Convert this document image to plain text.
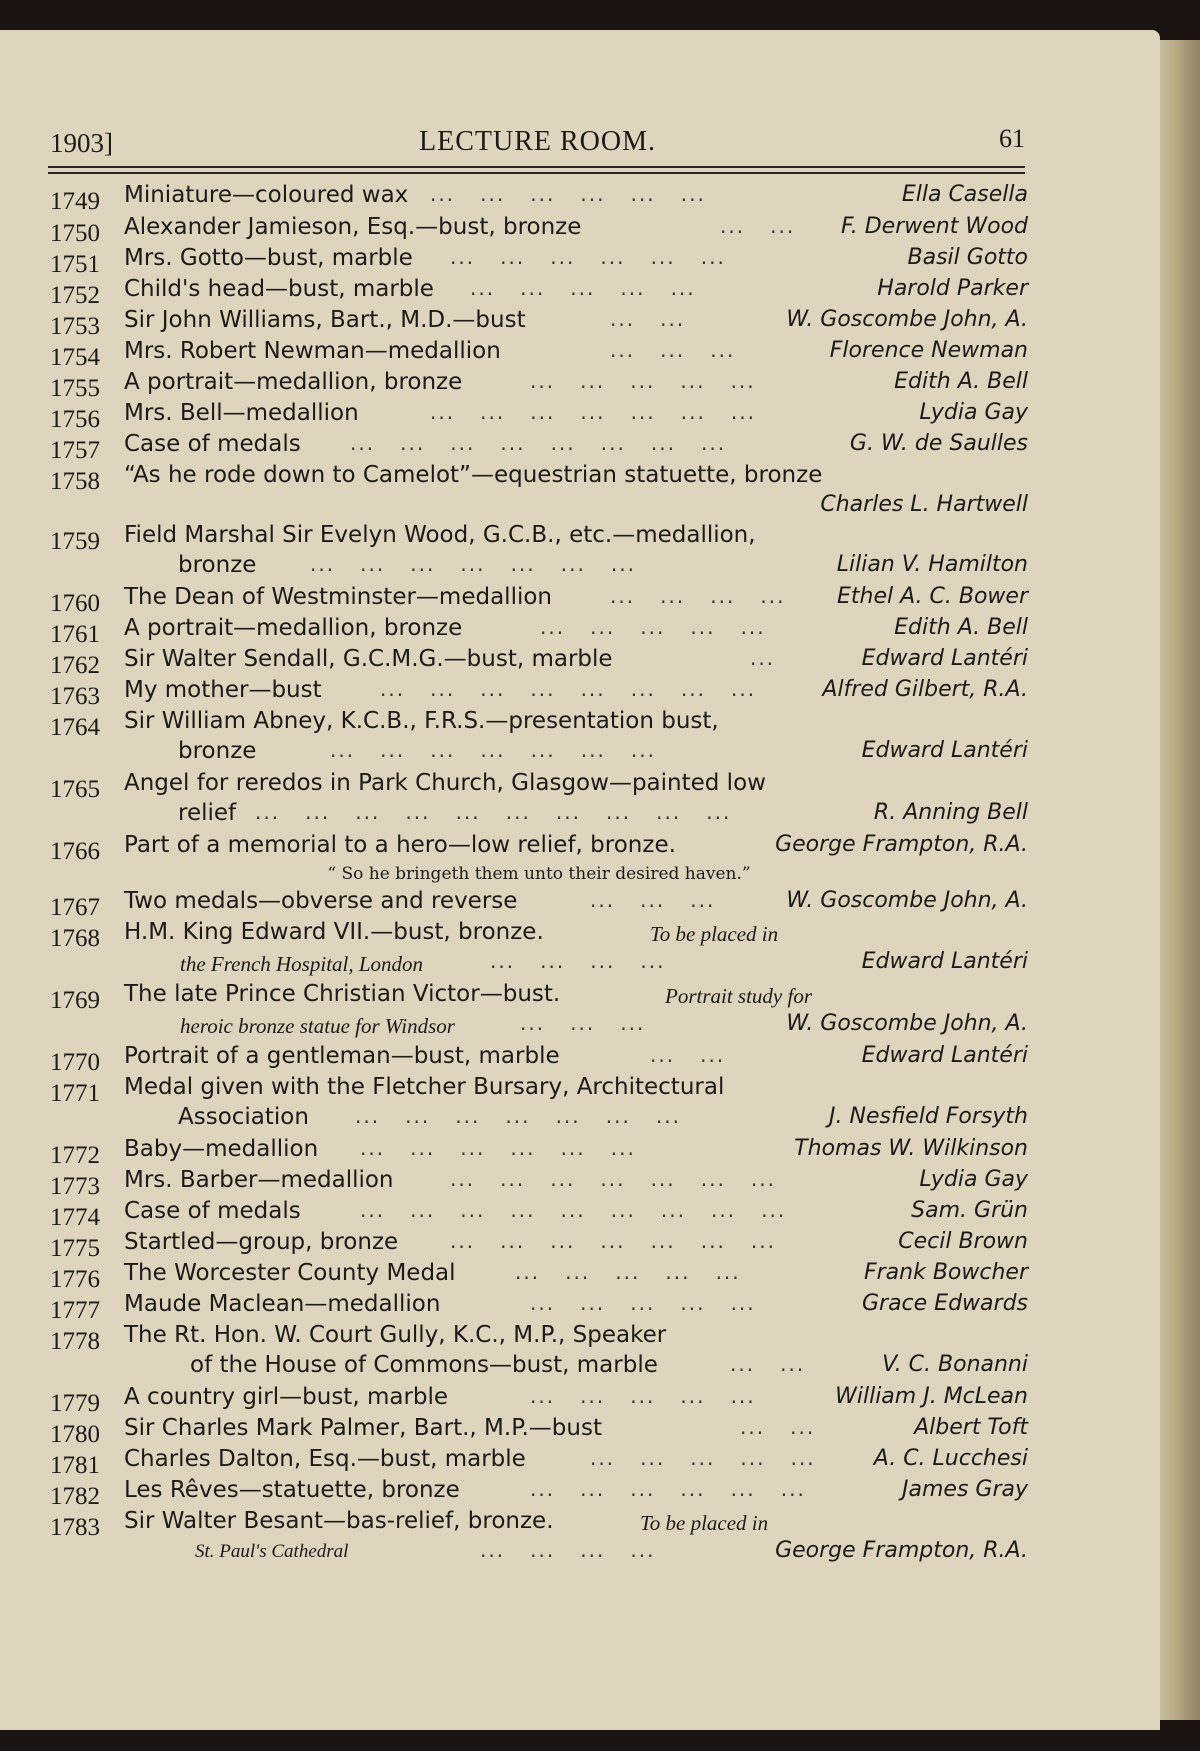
1903]	LECTURE ROOM.	61
1749	Miniature—coloured wax ...   ...   ...   ...   ...   ...	Ella Casella
1750	Alexander Jamieson, Esq.—bust, bronze	...   ... F. Derwent Wood
1751	Mrs. Gotto—bust, marble ...   ...   ...   ...   ...   ...	Basil Gotto
1752	Child's head—bust, marble ...   ...   ...   ...   ...	Harold Parker
1753	Sir John Williams, Bart., M.D.—bust	...   ...	W. Goscombe John, A.
1754	Mrs. Robert Newman—medallion	...   ...   ...	Florence Newman
1755	A portrait—medallion, bronze	...   ...   ...   ...   ...	Edith A. Bell
1756	Mrs. Bell—medallion	...   ...   ...   ...   ...   ...   ...	Lydia Gay
1757	Case of medals ...   ...   ...   ...   ...   ...   ...   ...	G. W. de Saulles
1758	“As he rode down to Camelot”—equestrian statuette, bronze
Charles L. Hartwell
1759	Field Marshal Sir Evelyn Wood, G.C.B., etc.—medallion,
bronze	...   ...   ...   ...   ...   ...   ...	Lilian V. Hamilton
1760	The Dean of Westminster—medallion	...   ...   ...   ... Ethel A. C. Bower
1761	A portrait—medallion, bronze	...   ...   ...   ...   ...	Edith A. Bell
1762	Sir Walter Sendall, G.C.M.G.—bust, marble	...	Edward Lantéri
1763	My mother—bust	...   ...   ...   ...   ...   ...   ...   ...	Alfred Gilbert, R.A.
1764	Sir William Abney, K.C.B., F.R.S.—presentation bust,
bronze	...   ...   ...   ...   ...   ...   ...	Edward Lantéri
1765	Angel for reredos in Park Church, Glasgow—painted low
relief ...   ...   ...   ...   ...   ...   ...   ...   ...   ...	R. Anning Bell
1766	Part of a memorial to a hero—low relief, bronze.	George Frampton, R.A.
“ So he bringeth them unto their desired haven.”
1767	Two medals—obverse and reverse	...   ...   ...	W. Goscombe John, A.
1768	H.M. King Edward VII.—bust, bronze.	To be placed in
the French Hospital, London	...   ...   ...   ...	Edward Lantéri
1769	The late Prince Christian Victor—bust.	Portrait study for
heroic bronze statue for Windsor	...   ...   ...	W. Goscombe John, A.
1770	Portrait of a gentleman—bust, marble	...   ...	Edward Lantéri
1771	Medal given with the Fletcher Bursary, Architectural
Association ...   ...   ...   ...   ...   ...   ...	J. Nesfield Forsyth
1772	Baby—medallion ...   ...   ...   ...   ...   ...	Thomas W. Wilkinson
1773	Mrs. Barber—medallion	...   ...   ...   ...   ...   ...   ...	Lydia Gay
1774	Case of medals	...   ...   ...   ...   ...   ...   ...   ...   ...	Sam. Grün
1775	Startled—group, bronze	...   ...   ...   ...   ...   ...   ...	Cecil Brown
1776	The Worcester County Medal	...   ...   ...   ...   ...	Frank Bowcher
1777	Maude Maclean—medallion	...   ...   ...   ...   ...	Grace Edwards
1778	The Rt. Hon. W. Court Gully, K.C., M.P., Speaker
of the House of Commons—bust, marble	...   ...	V. C. Bonanni
1779	A country girl—bust, marble	...   ...   ...   ...   ...	William J. McLean
1780	Sir Charles Mark Palmer, Bart., M.P.—bust	...   ...	Albert Toft
1781	Charles Dalton, Esq.—bust, marble	...   ...   ...   ...   ...	A. C. Lucchesi
1782	Les Rêves—statuette, bronze	...   ...   ...   ...   ...   ...	James Gray
1783	Sir Walter Besant—bas-relief, bronze.	To be placed in
St. Paul's Cathedral	...   ...   ...   ...	George Frampton, R.A.
